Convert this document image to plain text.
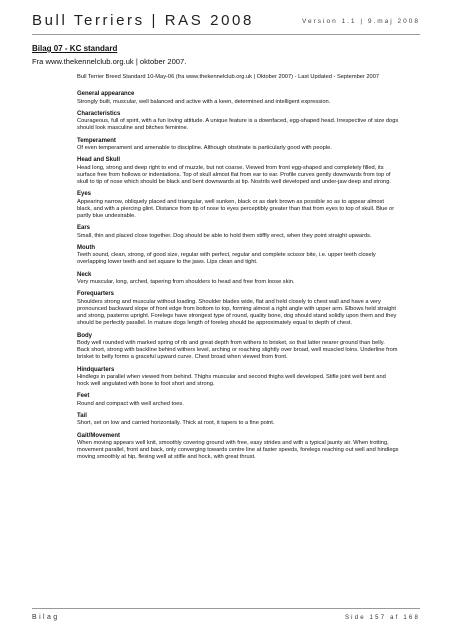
Bull Terriers | RAS 2008	Version 1.1 | 9.maj 2008
Bilag 07 - KC standard
Fra www.thekennelclub.org.uk | oktober 2007.

Bull Terrier Breed Standard 10-May-06 (fra www.thekennelclub.org.uk | Oktober 2007) - Last Updated - September 2007

General appearance

Strongly built, muscular, well balanced and active with a keen, determined and intelligent expression.

Characteristics

Courageous, full of spirit, with a fun loving attitude. A unique feature is a downfaced, egg-shaped head. Irrespective of size dogs should look masculine and bitches feminine.

Temperament

Of even temperament and amenable to discipline. Although obstinate is particularly good with people.

Head and Skull

Head long, strong and deep right to end of muzzle, but not coarse. Viewed from front egg-shaped and completely filled, its surface free from hollows or indentations. Top of skull almost flat from ear to ear. Profile curves gently downwards from top of skull to tip of nose which should be black and bent downwards at tip. Nostrils well developed and under-jaw deep and strong.

Eyes

Appearing narrow, obliquely placed and triangular, well sunken, black or as dark brown as possible so as to appear almost black, and with a piercing glint. Distance from tip of nose to eyes perceptibly greater than that from eyes to top of skull. Blue or partly blue undesirable.

Ears

Small, thin and placed close together. Dog should be able to hold them stiffly erect, when they point straight upwards.

Mouth

Teeth sound, clean, strong, of good size, regular with perfect, regular and complete scissor bite, i.e. upper teeth closely overlapping lower teeth and set square to the jaws. Lips clean and tight.

Neck

Very muscular, long, arched, tapering from shoulders to head and free from loose skin.

Forequarters

Shoulders strong and muscular without loading. Shoulder blades wide, flat and held closely to chest wall and have a very pronounced backward slope of front edge from bottom to top, forming almost a right angle with upper arm. Elbows held straight and strong, pasterns upright. Forelegs have strongest type of round, quality bone, dog should stand solidly upon them and they should be perfectly parallel. In mature dogs length of foreleg should be approximately equal to depth of chest.

Body

Body well rounded with marked spring of rib and great depth from withers to brisket, so that latter nearer ground than belly. Back short, strong with backline behind withers level, arching or roaching slightly over broad, well muscled loins. Underline from brisket to belly forms a graceful upward curve. Chest broad when viewed from front.

Hindquarters

Hindlegs in parallel when viewed from behind. Thighs muscular and second thighs well developed. Stifle joint well bent and hock well angulated with bone to foot short and strong.

Feet

Round and compact with well arched toes.

Tail

Short, set on low and carried horizontally. Thick at root, it tapers to a fine point.

Gait/Movement

When moving appears well knit, smoothly covering ground with free, easy strides and with a typical jaunty air. When trotting, movement parallel, front and back, only converging towards centre line at faster speeds, forelegs reaching out well and hindlegs moving smoothly at hip, flexing well at stifle and hock, with great thrust.

Bilag	Side 157 af 168
